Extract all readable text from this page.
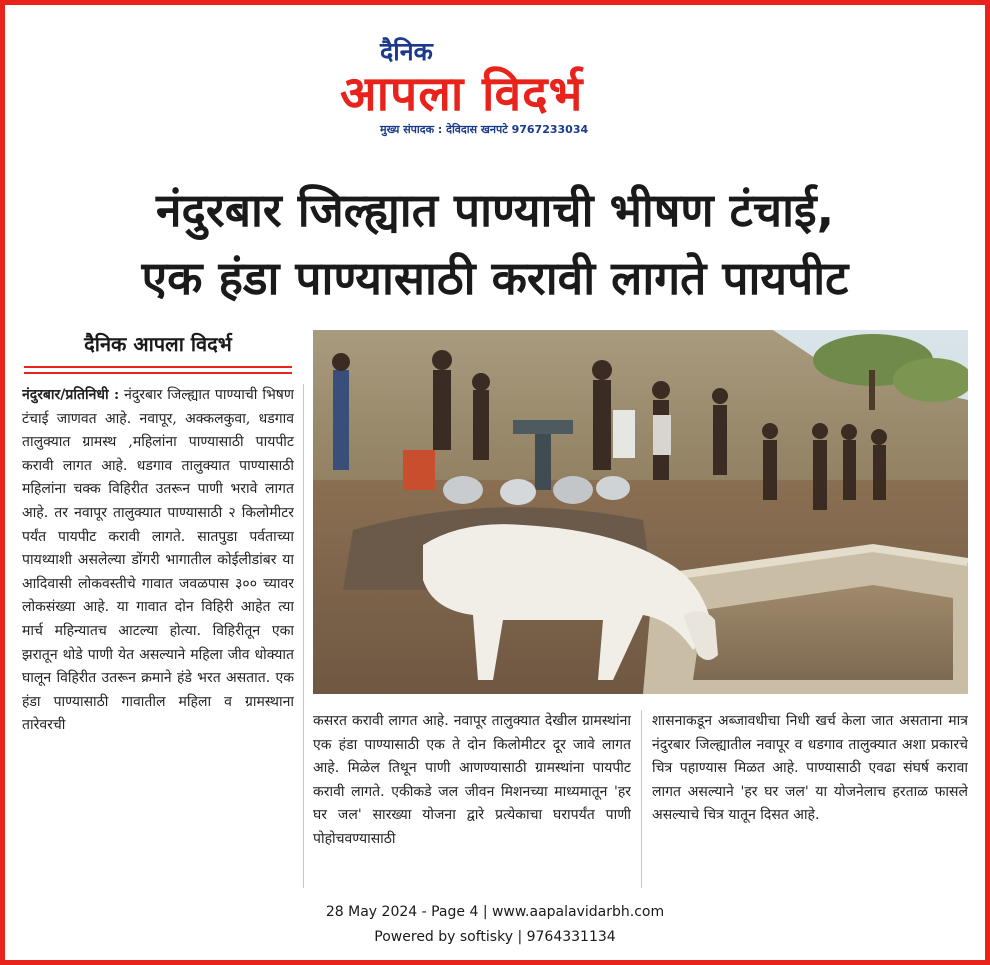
दैनिक
आपला विदर्भ
मुख्य संपादक : देविदास खनपटे 9767233034
नंदुरबार जिल्ह्यात पाण्याची भीषण टंचाई,
एक हंडा पाण्यासाठी करावी लागते पायपीट
दैनिक आपला विदर्भ
नंदुरबार/प्रतिनिधी : नंदुरबार जिल्ह्यात पाण्याची भिषण टंचाई जाणवत आहे. नवापूर, अक्कलकुवा, धडगाव तालुक्यात ग्रामस्थ ,महिलांना पाण्यासाठी पायपीट करावी लागत आहे. धडगाव तालुक्यात पाण्यासाठी महिलांना चक्क विहिरीत उतरून पाणी भरावे लागत आहे. तर नवापूर तालुक्यात पाण्यासाठी २ किलोमीटर पर्यंत पायपीट करावी लागते. सातपुडा पर्वताच्या पायथ्याशी असलेल्या डोंगरी भागातील कोईलीडांबर या आदिवासी लोकवस्तीचे गावात जवळपास ३०० च्यावर लोकसंख्या आहे. या गावात दोन विहिरी आहेत त्या मार्च महिन्यातच आटल्या होत्या. विहिरीतून एका झरातून थोडे पाणी येत असल्याने महिला जीव धोक्यात घालून विहिरीत उतरून क्रमाने हंडे भरत असतात. एक हंडा पाण्यासाठी गावातील महिला व ग्रामस्थाना तारेवरची	कसरत करावी लागत आहे. नवापूर तालुक्यात देखील ग्रामस्थांना एक हंडा पाण्यासाठी एक ते दोन किलोमीटर दूर जावे लागत आहे. मिळेल तिथून पाणी आणण्यासाठी ग्रामस्थांना पायपीट करावी लागते. एकीकडे जल जीवन मिशनच्या माध्यमातून 'हर घर जल' सारख्या योजना द्वारे प्रत्येकाचा घरापर्यंत पाणी पोहोचवण्यासाठी
शासनाकडून अब्जावधीचा निधी खर्च केला जात असताना मात्र नंदुरबार जिल्ह्यातील नवापूर व धडगाव तालुक्यात अशा प्रकारचे चित्र पहाण्यास मिळत आहे. पाण्यासाठी एवढा संघर्ष करावा लागत असल्याने 'हर घर जल' या योजनेलाच हरताळ फासले असल्याचे चित्र यातून दिसत आहे.
28 May 2024 - Page 4 | www.aapalavidarbh.com
Powered by softisky | 9764331134
